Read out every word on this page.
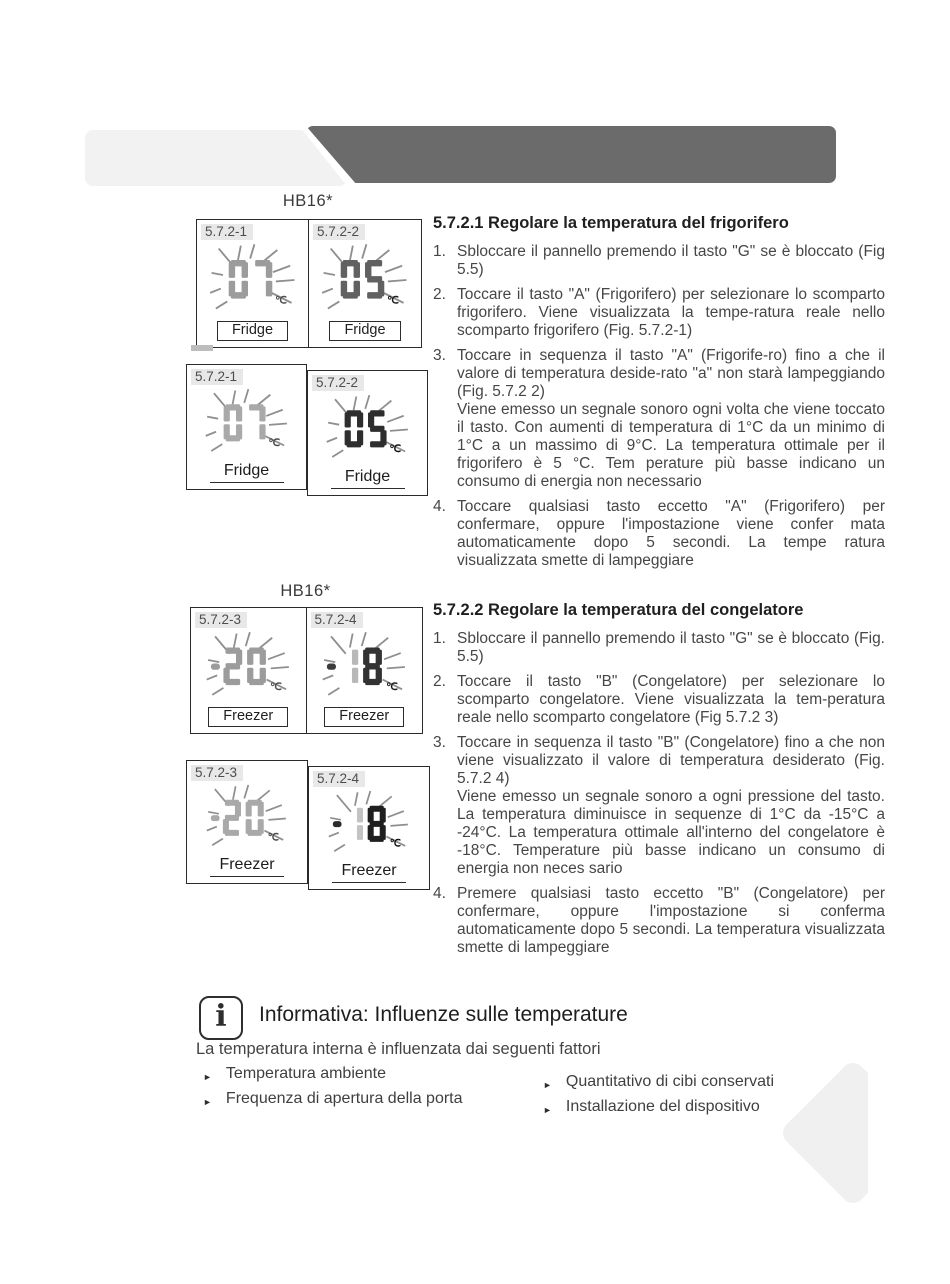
HB16*
5.7.2-1
℃
Fridge
5.7.2-2
℃
Fridge
5.7.2-1
℃
Fridge
5.7.2-2
℃
Fridge
HB16*
5.7.2-3
℃
Freezer
5.7.2-4
℃
Freezer
5.7.2-3
℃
Freezer
5.7.2-4
℃
Freezer
5.7.2.1 Regolare la temperatura del frigorifero
1. Sbloccare il pannello premendo il tasto "G" se è bloccato (Fig 5.5)
2. Toccare il tasto "A" (Frigorifero) per selezionare lo scomparto frigorifero. Viene visualizzata la tempe-ratura reale nello scomparto frigorifero (Fig. 5.7.2-1)
3. Toccare in sequenza il tasto "A" (Frigorife-ro) fino a che il valore di temperatura deside-rato "a" non starà lampeggiando (Fig. 5.7.2 2)
Viene emesso un segnale sonoro ogni volta che viene toccato il tasto. Con aumenti di temperatura di 1°C da un minimo di 1°C a un massimo di 9°C. La temperatura ottimale per il frigorifero è 5 °C. Tem perature più basse indicano un consumo di energia non necessario
4. Toccare qualsiasi tasto eccetto "A" (Frigorifero) per confermare, oppure l'impostazione viene confer mata automaticamente dopo 5 secondi. La tempe ratura visualizzata smette di lampeggiare
5.7.2.2 Regolare la temperatura del congelatore
1. Sbloccare il pannello premendo il tasto "G" se è bloccato (Fig. 5.5)
2. Toccare il tasto "B" (Congelatore) per selezionare lo scomparto congelatore. Viene visualizzata la tem-peratura reale nello scomparto congelatore (Fig 5.7.2 3)
3. Toccare in sequenza il tasto "B" (Congelatore) fino a che non viene visualizzato il valore di temperatura desiderato (Fig. 5.7.2 4)
Viene emesso un segnale sonoro a ogni pressione del tasto. La temperatura diminuisce in sequenze di 1°C da -15°C a -24°C. La temperatura ottimale all'interno del congelatore è -18°C. Temperature più basse indicano un consumo di energia non neces sario
4. Premere qualsiasi tasto eccetto "B" (Congelatore) per confermare, oppure l'impostazione si conferma automaticamente dopo 5 secondi. La temperatura visualizzata smette di lampeggiare
i Informativa: Influenze sulle temperature
La temperatura interna è influenzata dai seguenti fattori
► Temperatura ambiente
► Frequenza di apertura della porta
► Quantitativo di cibi conservati
► Installazione del dispositivo
